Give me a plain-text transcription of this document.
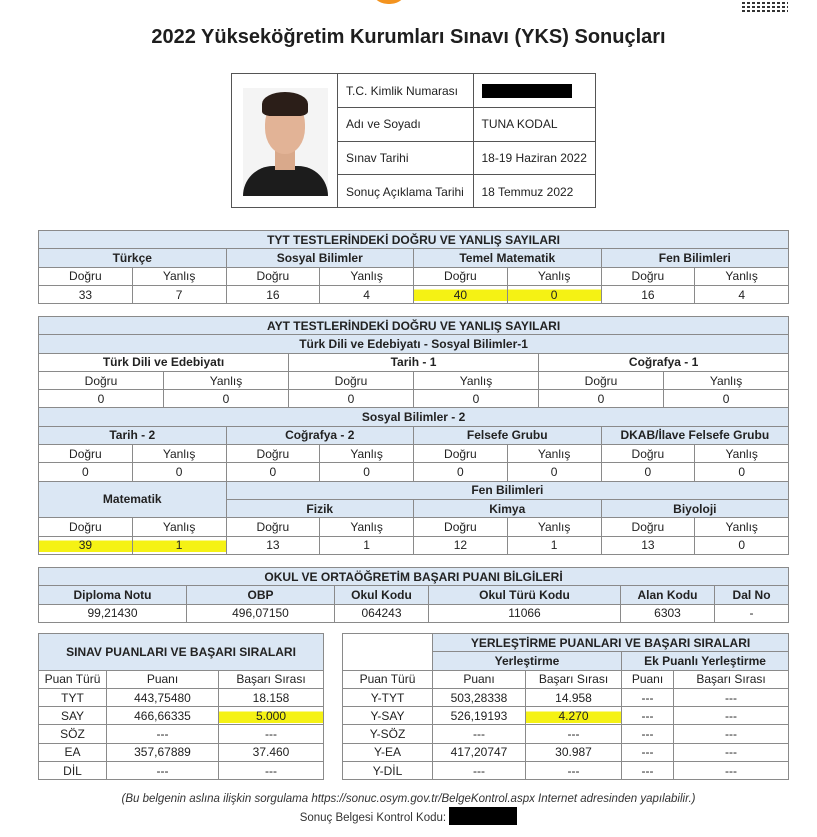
2022 Yükseköğretim Kurumları Sınavı (YKS) Sonuçları
T.C. Kimlik Numarası	
Adı ve Soyadı	TUNA KODAL
Sınav Tarihi	18-19 Haziran 2022
Sonuç Açıklama Tarihi	18 Temmuz 2022
TYT TESTLERİNDEKİ DOĞRU VE YANLIŞ SAYILARI							
Türkçe		Sosyal Bilimler		Temel Matematik		Fen Bilimleri	
Doğru	Yanlış	Doğru	Yanlış	Doğru	Yanlış	Doğru	Yanlış
33	7	16	4	40	0	16	4
AYT TESTLERİNDEKİ DOĞRU VE YANLIŞ SAYILARI											
Türk Dili ve Edebiyatı - Sosyal Bilimler-1											
Türk Dili ve Edebiyatı				Tarih - 1				Coğrafya - 1			
Doğru		Yanlış		Doğru		Yanlış		Doğru		Yanlış	
0		0		0		0		0		0	
Sosyal Bilimler - 2											
Tarih - 2			Coğrafya - 2			Felsefe Grubu			DKAB/İlave Felsefe Grubu		
Doğru	Yanlış		Doğru		Yanlış	Doğru	Yanlış		Doğru		Yanlış
0	0		0		0	0	0		0		0
Matematik			Fen Bilimleri								
			Fizik			Kimya			Biyoloji		
Doğru	Yanlış		Doğru		Yanlış	Doğru	Yanlış		Doğru		Yanlış
39	1		13		1	12	1		13		0
OKUL VE ORTAÖĞRETİM BAŞARI PUANI BİLGİLERİ					
Diploma Notu	OBP	Okul Kodu	Okul Türü Kodu	Alan Kodu	Dal No
99,21430	496,07150	064243	11066	6303	-
SINAV PUANLARI VE BAŞARI SIRALARI		
Puan Türü	Puanı	Başarı Sırası
TYT	443,75480	18.158
SAY	466,66335	5.000
SÖZ	---	---
EA	357,67889	37.460
DİL	---	---
	YERLEŞTİRME PUANLARI VE BAŞARI SIRALARI			
	Yerleştirme		Ek Puanlı Yerleştirme	
Puan Türü	Puanı	Başarı Sırası	Puanı	Başarı Sırası
Y-TYT	503,28338	14.958	---	---
Y-SAY	526,19193	4.270	---	---
Y-SÖZ	---	---	---	---
Y-EA	417,20747	30.987	---	---
Y-DİL	---	---	---	---
(Bu belgenin aslına ilişkin sorgulama https://sonuc.osym.gov.tr/BelgeKontrol.aspx Internet adresinden yapılabilir.)
Sonuç Belgesi Kontrol Kodu:
